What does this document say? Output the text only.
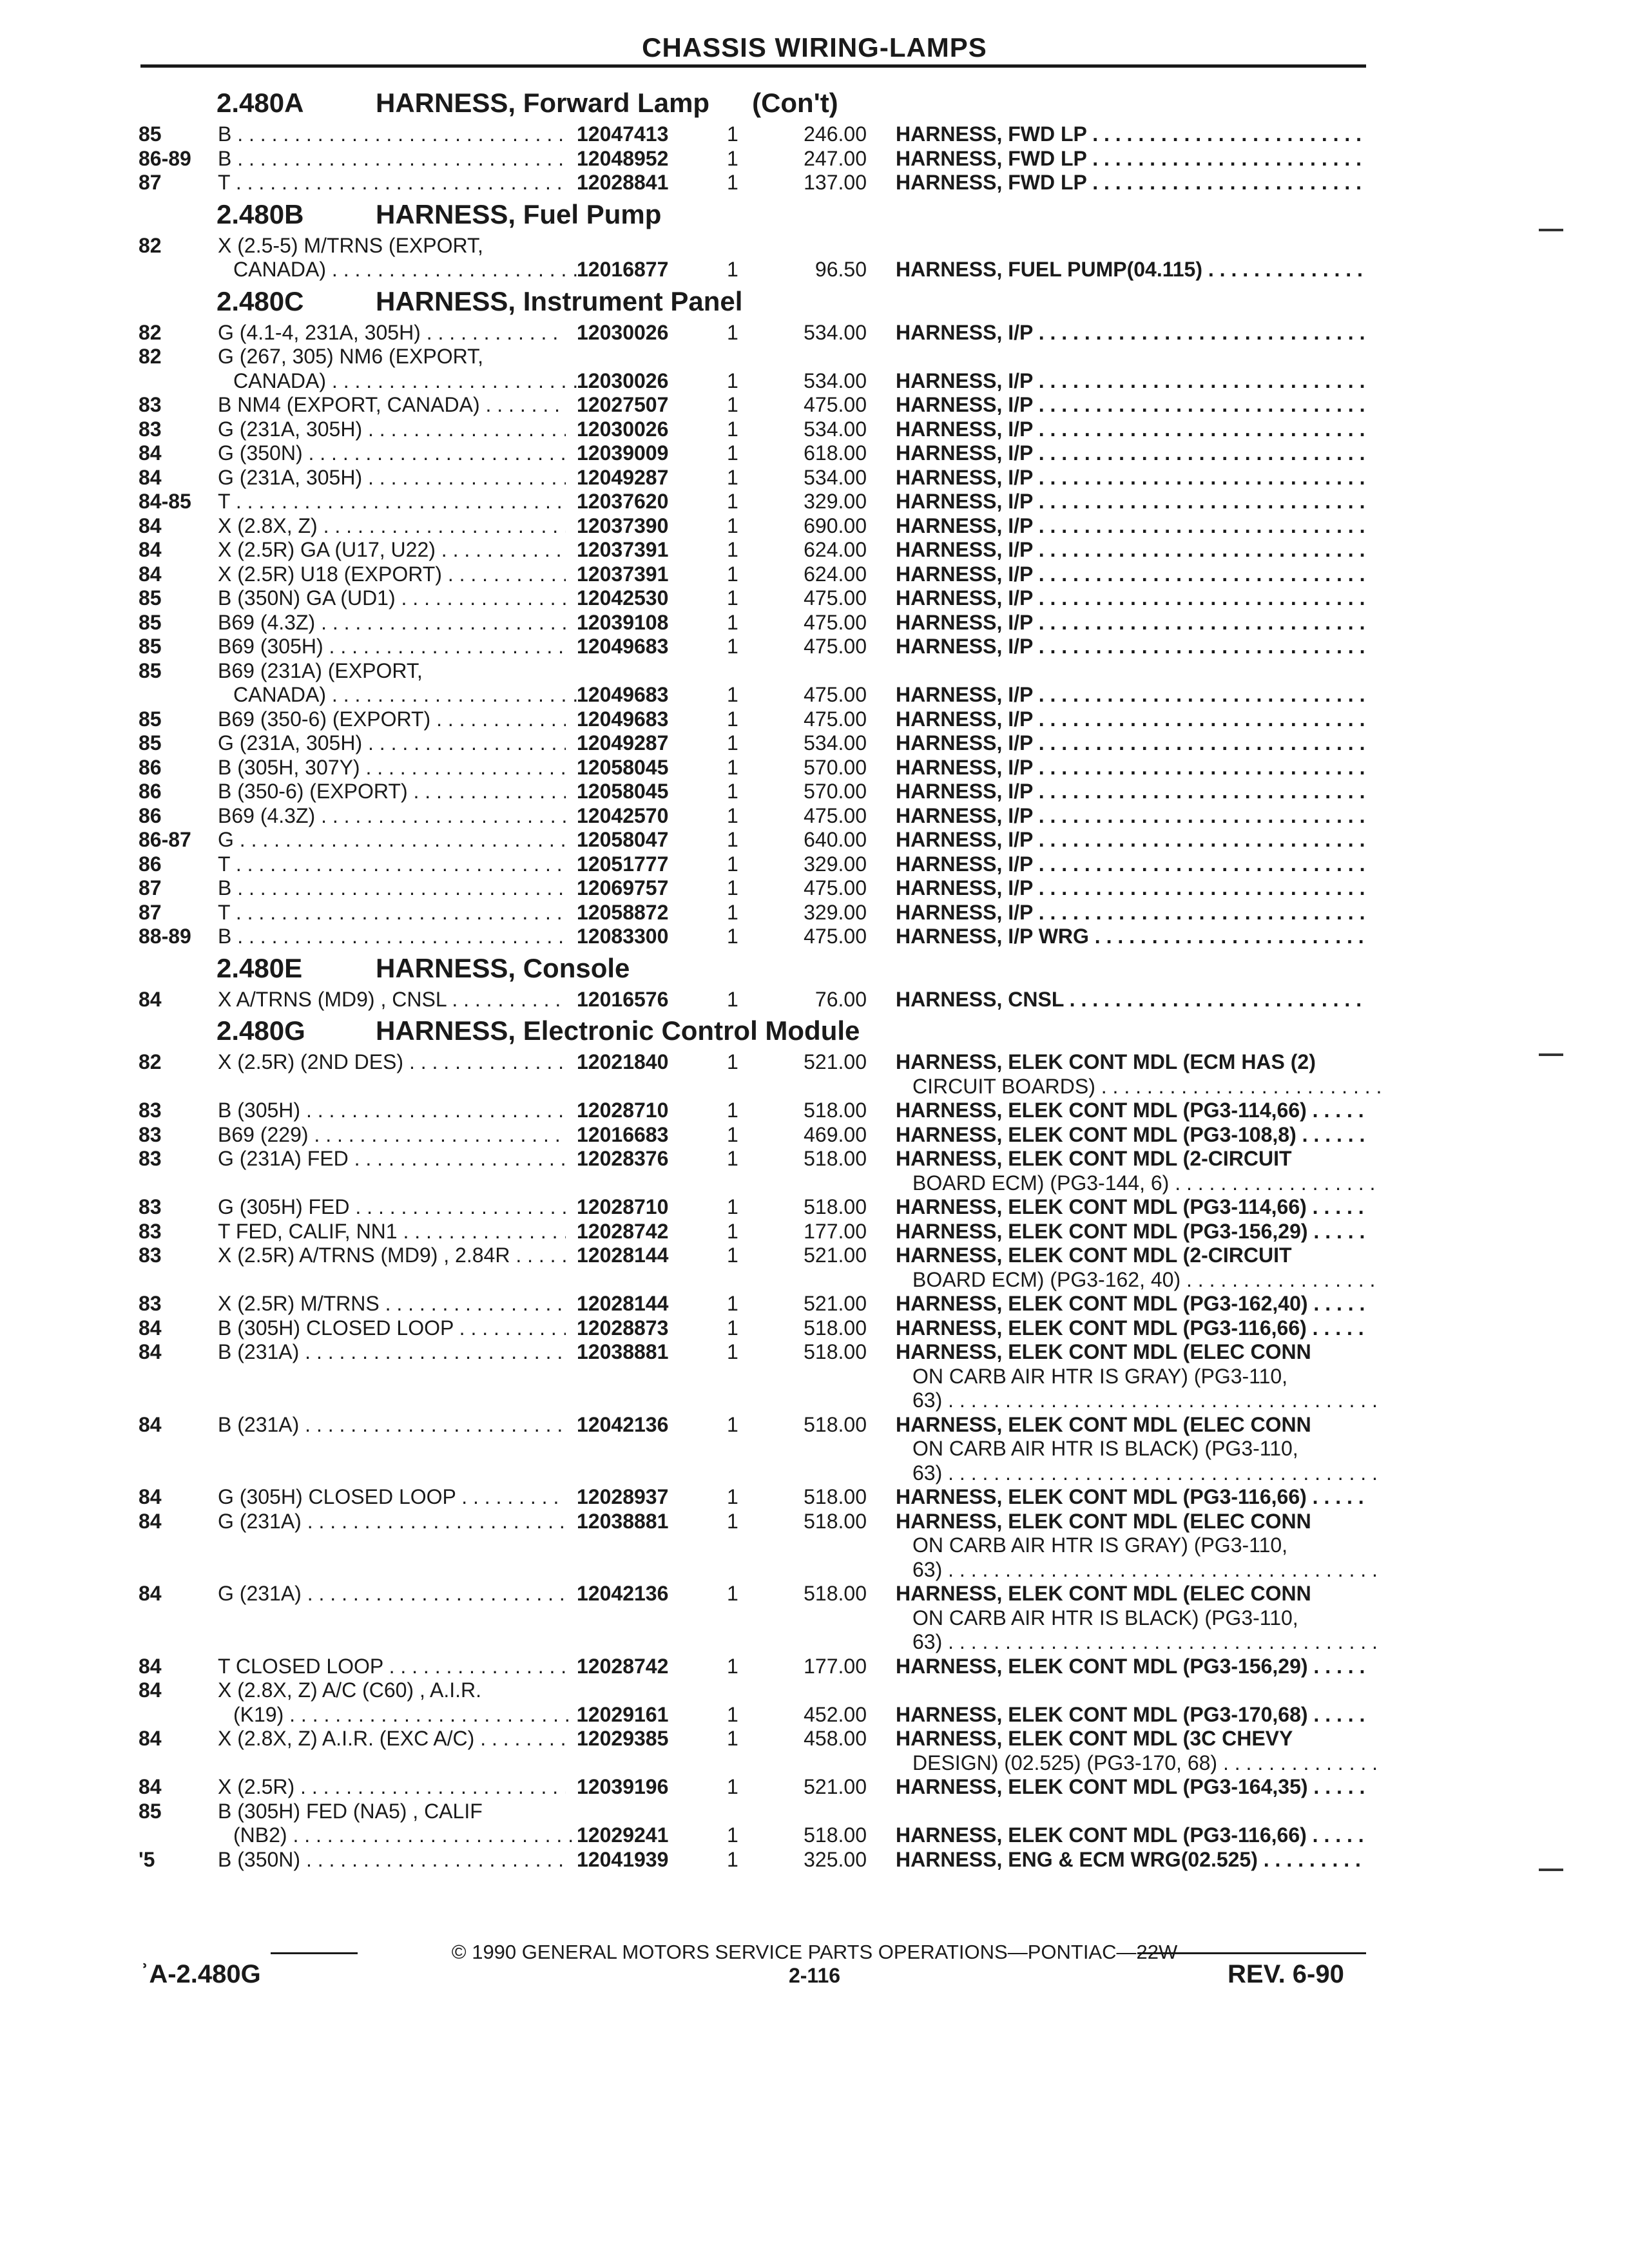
CHASSIS WIRING-LAMPS
2.480A	HARNESS, Forward Lamp (Con't)
85	B . . .	12047413	1	246.00 HARNESS, FWD LP . . .
86-89 B . . .	12048952	1	247.00 HARNESS, FWD LP . . .
87	T . . .	12028841	1	137.00 HARNESS, FWD LP . . .
2.480B	HARNESS, Fuel Pump
82	X (2.5-5) M/TRNS (EXPORT,
CANADA) . . .	12016877	1	96.50 HARNESS, FUEL PUMP(04.115) . . .
2.480C	HARNESS, Instrument Panel
82	G (4.1-4, 231A, 305H) . . .	12030026	1	534.00 HARNESS, I/P . . .
82	G (267, 305) NM6 (EXPORT,
CANADA) . . .	12030026	1	534.00 HARNESS, I/P . . .
83	B NM4 (EXPORT, CANADA) . . .	12027507	1	475.00 HARNESS, I/P . . .
83	G (231A, 305H) . . .	12030026	1	534.00 HARNESS, I/P . . .
84	G (350N) . . .	12039009	1	618.00 HARNESS, I/P . . .
84	G (231A, 305H) . . .	12049287	1	534.00 HARNESS, I/P . . .
84-85 T . . .	12037620	1	329.00 HARNESS, I/P . . .
84	X (2.8X, Z) . . .	12037390	1	690.00 HARNESS, I/P . . .
84	X (2.5R) GA (U17, U22) . . .	12037391	1	624.00 HARNESS, I/P . . .
84	X (2.5R) U18 (EXPORT) . . .	12037391	1	624.00 HARNESS, I/P . . .
85	B (350N) GA (UD1) . . .	12042530	1	475.00 HARNESS, I/P . . .
85	B69 (4.3Z) . . .	12039108	1	475.00 HARNESS, I/P . . .
85	B69 (305H) . . .	12049683	1	475.00 HARNESS, I/P . . .
85	B69 (231A) (EXPORT,
CANADA) . . .	12049683	1	475.00 HARNESS, I/P . . .
85	B69 (350-6) (EXPORT) . . .	12049683	1	475.00 HARNESS, I/P . . .
85	G (231A, 305H) . . .	12049287	1	534.00 HARNESS, I/P . . .
86	B (305H, 307Y) . . .	12058045	1	570.00 HARNESS, I/P . . .
86	B (350-6) (EXPORT) . . .	12058045	1	570.00 HARNESS, I/P . . .
86	B69 (4.3Z) . . .	12042570	1	475.00 HARNESS, I/P . . .
86-87 G . . .	12058047	1	640.00 HARNESS, I/P . . .
86	T . . .	12051777	1	329.00 HARNESS, I/P . . .
87	B . . .	12069757	1	475.00 HARNESS, I/P . . .
87	T . . .	12058872	1	329.00 HARNESS, I/P . . .
88-89 B . . .	12083300	1	475.00 HARNESS, I/P WRG . . .
2.480E	HARNESS, Console
84	X A/TRNS (MD9) , CNSL . . .	12016576	1	76.00 HARNESS, CNSL . . .
2.480G	HARNESS, Electronic Control Module
82	X (2.5R) (2ND DES) . . .	12021840	1	521.00 HARNESS, ELEK CONT MDL (ECM HAS (2)
CIRCUIT BOARDS) . . .
83	B (305H) . . .	12028710	1	518.00 HARNESS, ELEK CONT MDL (PG3-114,66) . . .
83	B69 (229) . . .	12016683	1	469.00 HARNESS, ELEK CONT MDL (PG3-108,8) . . . .
83	G (231A) FED . . .	12028376	1	518.00 HARNESS, ELEK CONT MDL (2-CIRCUIT
BOARD ECM) (PG3-144, 6) . . .
83	G (305H) FED . . .	12028710	1	518.00 HARNESS, ELEK CONT MDL (PG3-114,66) . . .
83	T FED, CALIF, NN1 . . .	12028742	1	177.00 HARNESS, ELEK CONT MDL (PG3-156,29) . . .
83	X (2.5R) A/TRNS (MD9) , 2.84R . . .	12028144	1	521.00 HARNESS, ELEK CONT MDL (2-CIRCUIT
BOARD ECM) (PG3-162, 40) . . .
83	X (2.5R) M/TRNS . . .	12028144	1	521.00 HARNESS, ELEK CONT MDL (PG3-162,40) . . .
84	B (305H) CLOSED LOOP . . .	12028873	1	518.00 HARNESS, ELEK CONT MDL (PG3-116,66) . . .
84	B (231A) . . .	12038881	1	518.00 HARNESS, ELEK CONT MDL (ELEC CONN
ON CARB AIR HTR IS GRAY) (PG3-110,
63) . . .
84	B (231A) . . .	12042136	1	518.00 HARNESS, ELEK CONT MDL (ELEC CONN
ON CARB AIR HTR IS BLACK) (PG3-110,
63) . . .
84	G (305H) CLOSED LOOP . . .	12028937	1	518.00 HARNESS, ELEK CONT MDL (PG3-116,66) . . .
84	G (231A) . . .	12038881	1	518.00 HARNESS, ELEK CONT MDL (ELEC CONN
ON CARB AIR HTR IS GRAY) (PG3-110,
63) . . .
84	G (231A) . . .	12042136	1	518.00 HARNESS, ELEK CONT MDL (ELEC CONN
ON CARB AIR HTR IS BLACK) (PG3-110,
63) . . .
84	T CLOSED LOOP . . .	12028742	1	177.00 HARNESS, ELEK CONT MDL (PG3-156,29) . . .
84	X (2.8X, Z) A/C (C60) , A.I.R.
(K19) . . .	12029161	1	452.00 HARNESS, ELEK CONT MDL (PG3-170,68) . . .
84	X (2.8X, Z) A.I.R. (EXC A/C) . . .	12029385	1	458.00 HARNESS, ELEK CONT MDL (3C CHEVY
DESIGN) (02.525) (PG3-170, 68) . . .
84	X (2.5R) . . .	12039196	1	521.00 HARNESS, ELEK CONT MDL (PG3-164,35) . . .
85	B (305H) FED (NA5) , CALIF
(NB2) . . .	12029241	1	518.00 HARNESS, ELEK CONT MDL (PG3-116,66) . . .
'5	B (350N) . . .	12041939	1	325.00 HARNESS, ENG & ECM WRG(02.525) . . .
© 1990 GENERAL MOTORS SERVICE PARTS OPERATIONS—PONTIAC—22W
ʾA-2.480G	2-116	REV. 6-90
